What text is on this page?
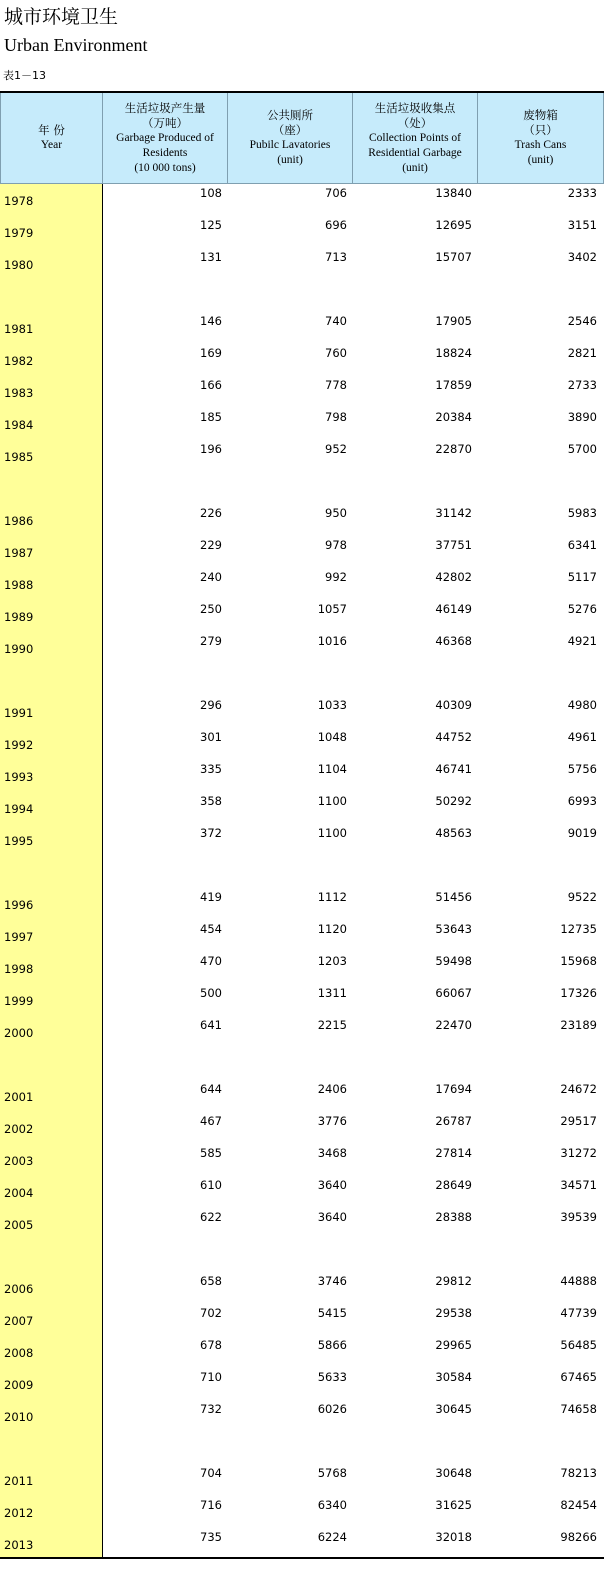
城市环境卫生
Urban Environment
表1－13
年 份
Year
生活垃圾产生量
（万吨）
Garbage Produced of
Residents
(10 000 tons)
公共厕所
（座）
Pubilc Lavatories
(unit)
生活垃圾收集点
（处）
Collection Points of
Residential Garbage
(unit)
废物箱
（只）
Trash Cans
(unit)
1978
108	706	13840	2333
1979
125	696	12695	3151
1980
131	713	15707	3402
1981
146	740	17905	2546
1982
169	760	18824	2821
1983
166	778	17859	2733
1984
185	798	20384	3890
1985
196	952	22870	5700
1986
226	950	31142	5983
1987
229	978	37751	6341
1988
240	992	42802	5117
1989
250	1057	46149	5276
1990
279	1016	46368	4921
1991
296	1033	40309	4980
1992
301	1048	44752	4961
1993
335	1104	46741	5756
1994
358	1100	50292	6993
1995
372	1100	48563	9019
1996
419	1112	51456	9522
1997
454	1120	53643	12735
1998
470	1203	59498	15968
1999
500	1311	66067	17326
2000
641	2215	22470	23189
2001
644	2406	17694	24672
2002
467	3776	26787	29517
2003
585	3468	27814	31272
2004
610	3640	28649	34571
2005
622	3640	28388	39539
2006
658	3746	29812	44888
2007
702	5415	29538	47739
2008
678	5866	29965	56485
2009
710	5633	30584	67465
2010
732	6026	30645	74658
2011
704	5768	30648	78213
2012
716	6340	31625	82454
2013
735	6224	32018	98266
